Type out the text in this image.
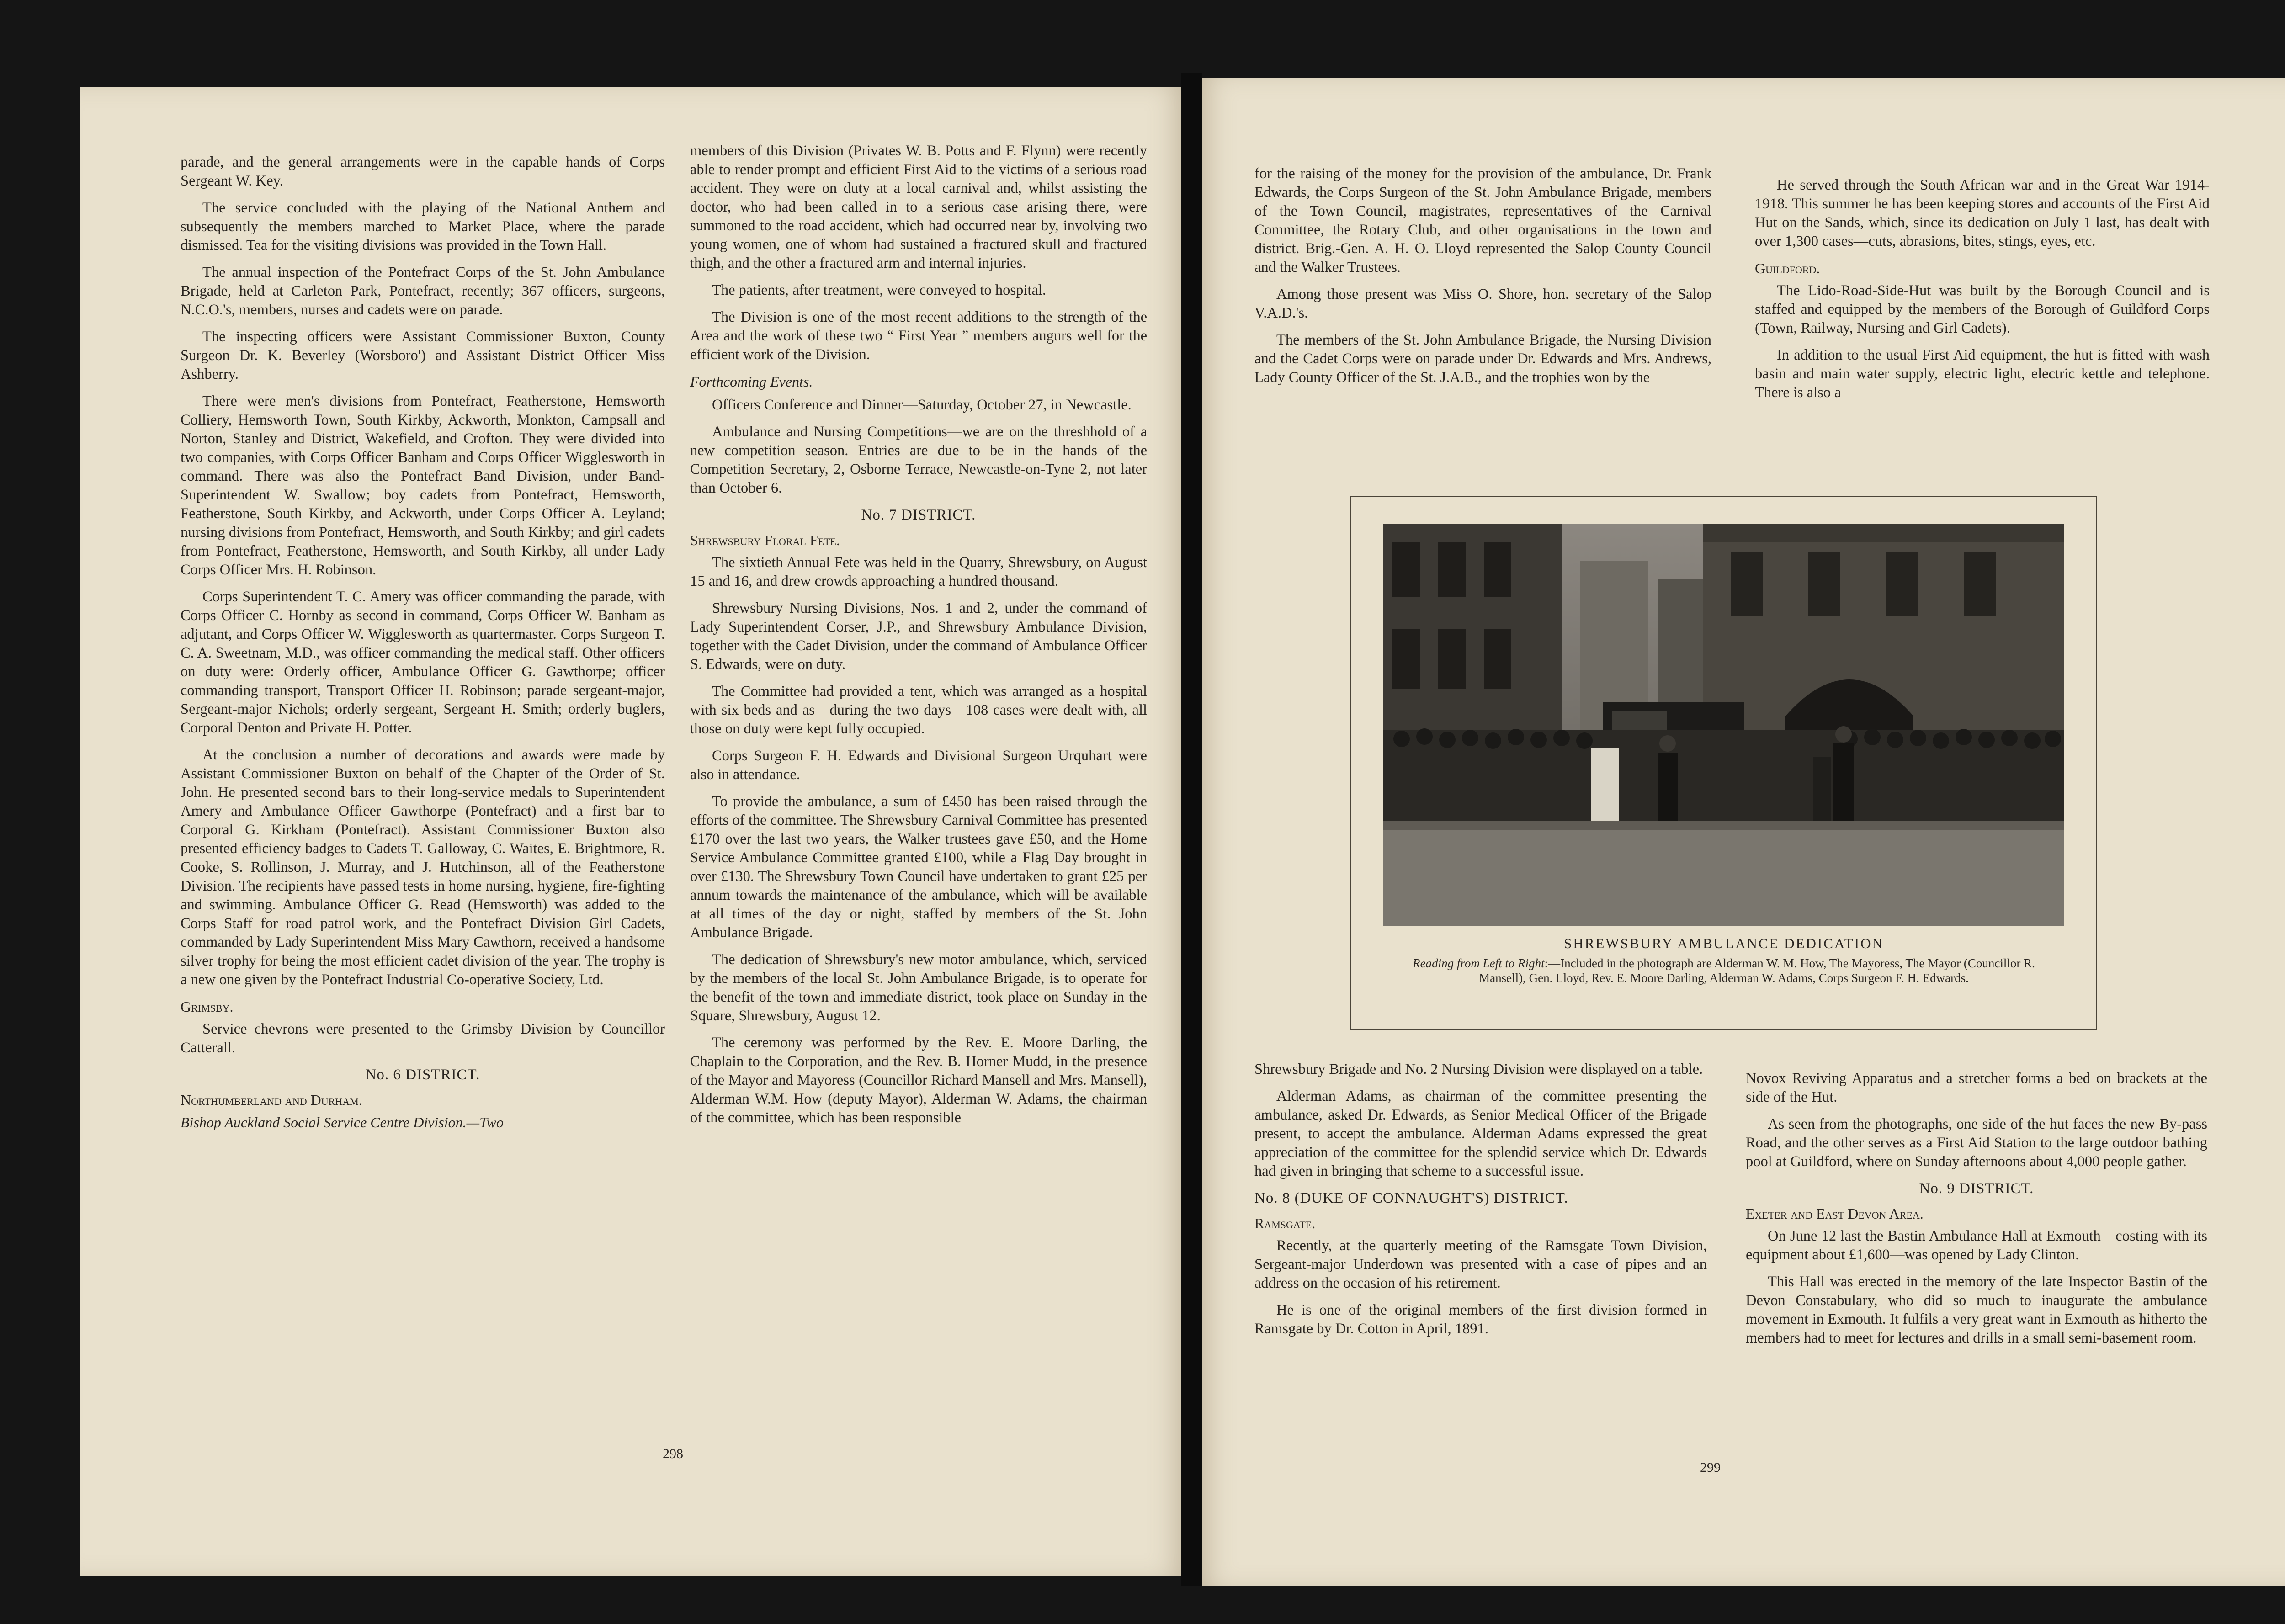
parade, and the general arrangements were in the capable hands of Corps Sergeant W. Key.

The service concluded with the playing of the National Anthem and subsequently the members marched to Market Place, where the parade dismissed. Tea for the visiting divisions was provided in the Town Hall.

The annual inspection of the Pontefract Corps of the St. John Ambulance Brigade, held at Carleton Park, Pontefract, recently; 367 officers, surgeons, N.C.O.'s, members, nurses and cadets were on parade.

The inspecting officers were Assistant Commissioner Buxton, County Surgeon Dr. K. Beverley (Worsboro') and Assistant District Officer Miss Ashberry.

There were men's divisions from Pontefract, Featherstone, Hemsworth Colliery, Hemsworth Town, South Kirkby, Ackworth, Monkton, Campsall and Norton, Stanley and District, Wakefield, and Crofton. They were divided into two companies, with Corps Officer Banham and Corps Officer Wigglesworth in command. There was also the Pontefract Band Division, under Band-Superintendent W. Swallow; boy cadets from Pontefract, Hemsworth, Featherstone, South Kirkby, and Ackworth, under Corps Officer A. Leyland; nursing divisions from Pontefract, Hemsworth, and South Kirkby; and girl cadets from Pontefract, Featherstone, Hemsworth, and South Kirkby, all under Lady Corps Officer Mrs. H. Robinson.

Corps Superintendent T. C. Amery was officer commanding the parade, with Corps Officer C. Hornby as second in command, Corps Officer W. Banham as adjutant, and Corps Officer W. Wigglesworth as quartermaster. Corps Surgeon T. C. A. Sweetnam, M.D., was officer commanding the medical staff. Other officers on duty were: Orderly officer, Ambulance Officer G. Gawthorpe; officer commanding transport, Transport Officer H. Robinson; parade sergeant-major, Sergeant-major Nichols; orderly sergeant, Sergeant H. Smith; orderly buglers, Corporal Denton and Private H. Potter.

At the conclusion a number of decorations and awards were made by Assistant Commissioner Buxton on behalf of the Chapter of the Order of St. John. He presented second bars to their long-service medals to Superintendent Amery and Ambulance Officer Gawthorpe (Pontefract) and a first bar to Corporal G. Kirkham (Pontefract). Assistant Commissioner Buxton also presented efficiency badges to Cadets T. Galloway, C. Waites, E. Brightmore, R. Cooke, S. Rollinson, J. Murray, and J. Hutchinson, all of the Featherstone Division. The recipients have passed tests in home nursing, hygiene, fire-fighting and swimming. Ambulance Officer G. Read (Hemsworth) was added to the Corps Staff for road patrol work, and the Pontefract Division Girl Cadets, commanded by Lady Superintendent Miss Mary Cawthorn, received a handsome silver trophy for being the most efficient cadet division of the year. The trophy is a new one given by the Pontefract Industrial Co-operative Society, Ltd.

Grimsby.

Service chevrons were presented to the Grimsby Division by Councillor Catterall.

No. 6 DISTRICT.
Northumberland and Durham.
Bishop Auckland Social Service Centre Division.—Two

members of this Division (Privates W. B. Potts and F. Flynn) were recently able to render prompt and efficient First Aid to the victims of a serious road accident. They were on duty at a local carnival and, whilst assisting the doctor, who had been called in to a serious case arising there, were summoned to the road accident, which had occurred near by, involving two young women, one of whom had sustained a fractured skull and fractured thigh, and the other a fractured arm and internal injuries.

The patients, after treatment, were conveyed to hospital.

The Division is one of the most recent additions to the strength of the Area and the work of these two “ First Year ” members augurs well for the efficient work of the Division.

Forthcoming Events.

Officers Conference and Dinner—Saturday, October 27, in Newcastle.

Ambulance and Nursing Competitions—we are on the threshhold of a new competition season. Entries are due to be in the hands of the Competition Secretary, 2, Osborne Terrace, Newcastle-on-Tyne 2, not later than October 6.

No. 7 DISTRICT.
Shrewsbury Floral Fete.

The sixtieth Annual Fete was held in the Quarry, Shrewsbury, on August 15 and 16, and drew crowds approaching a hundred thousand.

Shrewsbury Nursing Divisions, Nos. 1 and 2, under the command of Lady Superintendent Corser, J.P., and Shrewsbury Ambulance Division, together with the Cadet Division, under the command of Ambulance Officer S. Edwards, were on duty.

The Committee had provided a tent, which was arranged as a hospital with six beds and as—during the two days—108 cases were dealt with, all those on duty were kept fully occupied.

Corps Surgeon F. H. Edwards and Divisional Surgeon Urquhart were also in attendance.

To provide the ambulance, a sum of £450 has been raised through the efforts of the committee. The Shrewsbury Carnival Committee has presented £170 over the last two years, the Walker trustees gave £50, and the Home Service Ambulance Committee granted £100, while a Flag Day brought in over £130. The Shrewsbury Town Council have undertaken to grant £25 per annum towards the maintenance of the ambulance, which will be available at all times of the day or night, staffed by members of the St. John Ambulance Brigade.

The dedication of Shrewsbury's new motor ambulance, which, serviced by the members of the local St. John Ambulance Brigade, is to operate for the benefit of the town and immediate district, took place on Sunday in the Square, Shrewsbury, August 12.

The ceremony was performed by the Rev. E. Moore Darling, the Chaplain to the Corporation, and the Rev. B. Horner Mudd, in the presence of the Mayor and Mayoress (Councillor Richard Mansell and Mrs. Mansell), Alderman W.M. How (deputy Mayor), Alderman W. Adams, the chairman of the committee, which has been responsible

298

for the raising of the money for the provision of the ambulance, Dr. Frank Edwards, the Corps Surgeon of the St. John Ambulance Brigade, members of the Town Council, magistrates, representatives of the Carnival Committee, the Rotary Club, and other organisations in the town and district. Brig.-Gen. A. H. O. Lloyd represented the Salop County Council and the Walker Trustees.

Among those present was Miss O. Shore, hon. secretary of the Salop V.A.D.'s.

The members of the St. John Ambulance Brigade, the Nursing Division and the Cadet Corps were on parade under Dr. Edwards and Mrs. Andrews, Lady County Officer of the St. J.A.B., and the trophies won by the

He served through the South African war and in the Great War 1914-1918. This summer he has been keeping stores and accounts of the First Aid Hut on the Sands, which, since its dedication on July 1 last, has dealt with over 1,300 cases—cuts, abrasions, bites, stings, eyes, etc.

Guildford.

The Lido-Road-Side-Hut was built by the Borough Council and is staffed and equipped by the members of the Borough of Guildford Corps (Town, Railway, Nursing and Girl Cadets).

In addition to the usual First Aid equipment, the hut is fitted with wash basin and main water supply, electric light, electric kettle and telephone. There is also a

SHREWSBURY AMBULANCE DEDICATION
Reading from Left to Right:—Included in the photograph are Alderman W. M. How, The Mayoress, The Mayor (Councillor R. Mansell), Gen. Lloyd, Rev. E. Moore Darling, Alderman W. Adams, Corps Surgeon F. H. Edwards.

Shrewsbury Brigade and No. 2 Nursing Division were displayed on a table.

Alderman Adams, as chairman of the committee presenting the ambulance, asked Dr. Edwards, as Senior Medical Officer of the Brigade present, to accept the ambulance. Alderman Adams expressed the great appreciation of the committee for the splendid service which Dr. Edwards had given in bringing that scheme to a successful issue.

No. 8 (DUKE OF CONNAUGHT'S) DISTRICT.
Ramsgate.

Recently, at the quarterly meeting of the Ramsgate Town Division, Sergeant-major Underdown was presented with a case of pipes and an address on the occasion of his retirement.

He is one of the original members of the first division formed in Ramsgate by Dr. Cotton in April, 1891.

Novox Reviving Apparatus and a stretcher forms a bed on brackets at the side of the Hut.

As seen from the photographs, one side of the hut faces the new By-pass Road, and the other serves as a First Aid Station to the large outdoor bathing pool at Guildford, where on Sunday afternoons about 4,000 people gather.

No. 9 DISTRICT.
Exeter and East Devon Area.

On June 12 last the Bastin Ambulance Hall at Exmouth—costing with its equipment about £1,600—was opened by Lady Clinton.

This Hall was erected in the memory of the late Inspector Bastin of the Devon Constabulary, who did so much to inaugurate the ambulance movement in Exmouth. It fulfils a very great want in Exmouth as hitherto the members had to meet for lectures and drills in a small semi-basement room.

299
